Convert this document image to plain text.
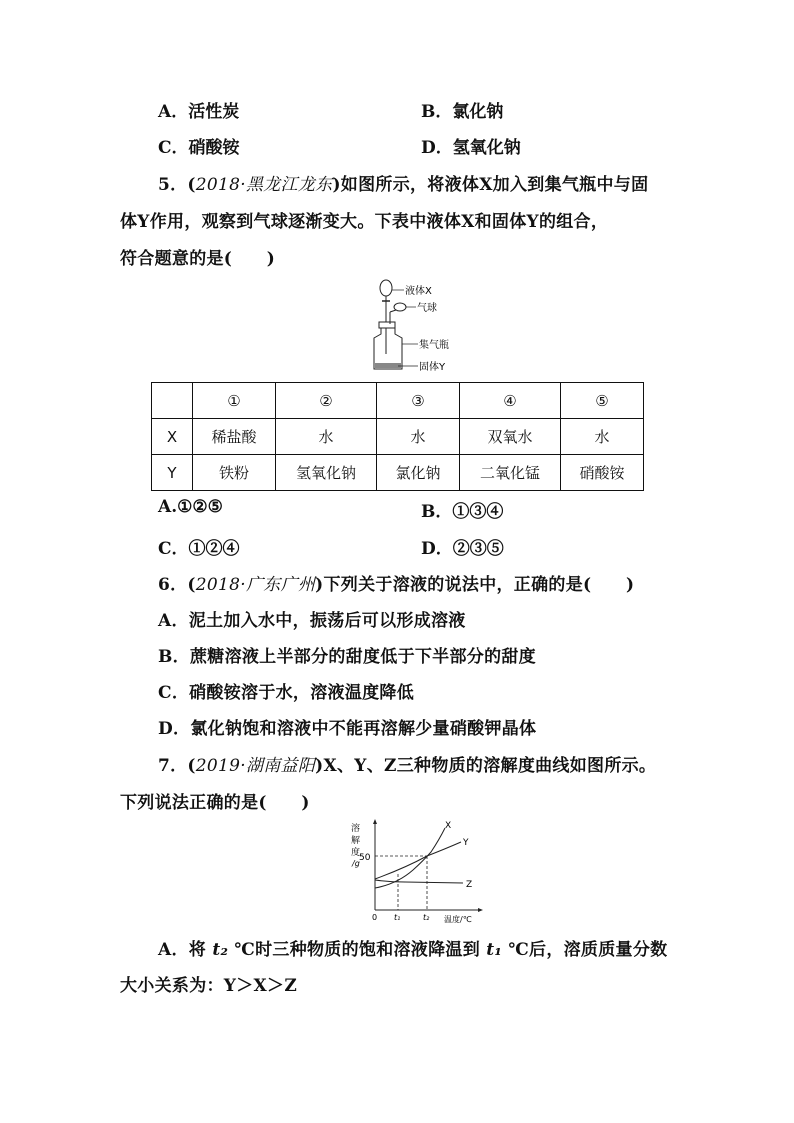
A．活性炭	B．氯化钠
C．硝酸铵	D．氢氧化钠
5．(2018·黑龙江龙东)如图所示，将液体X加入到集气瓶中与固
体Y作用，观察到气球逐渐变大。下表中液体X和固体Y的组合，
符合题意的是(　　)
液体X
气球
集气瓶
固体Y
	①	②	③	④	⑤
X	稀盐酸	水	水	双氧水	水
Y	铁粉	氢氧化钠	氯化钠	二氧化锰	硝酸铵
A.①②⑤	B．①③④
C．①②④	D．②③⑤
6．(2018·广东广州)下列关于溶液的说法中，正确的是(　　)
A．泥土加入水中，振荡后可以形成溶液
B．蔗糖溶液上半部分的甜度低于下半部分的甜度
C．硝酸铵溶于水，溶液温度降低
D．氯化钠饱和溶液中不能再溶解少量硝酸钾晶体
7．(2019·湖南益阳)X、Y、Z三种物质的溶解度曲线如图所示。
下列说法正确的是(　　)
溶
解
度
/g
50
X
Y
Z
0 t₁	t₂ 温度/℃
A．将 t₂ ℃时三种物质的饱和溶液降温到 t₁ ℃后，溶质质量分数
大小关系为：Y＞X＞Z
